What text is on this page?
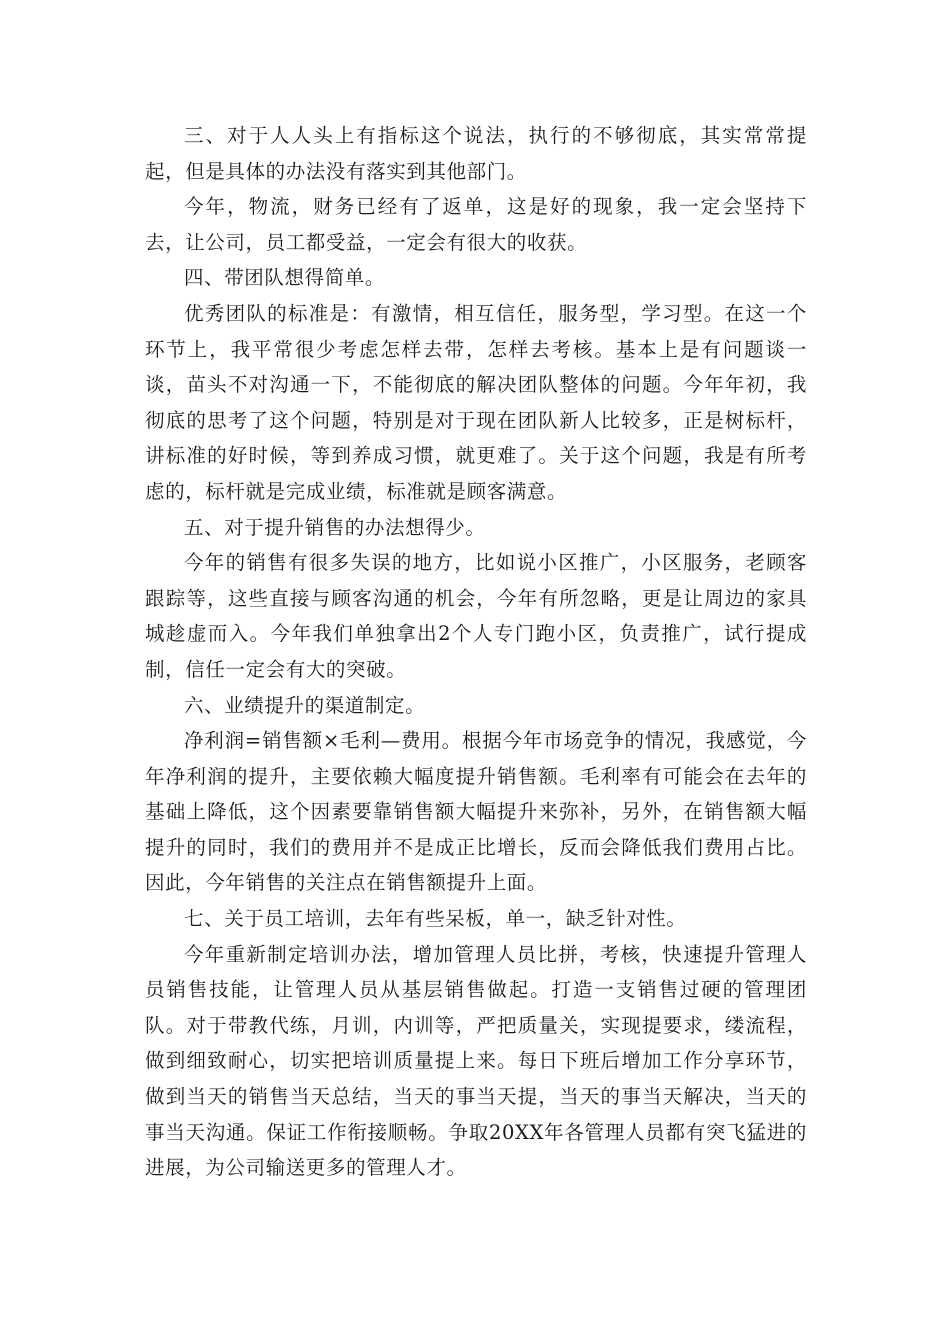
三、对于人人头上有指标这个说法，执行的不够彻底，其实常常提起，但是具体的办法没有落实到其他部门。

今年，物流，财务已经有了返单，这是好的现象，我一定会坚持下去，让公司，员工都受益，一定会有很大的收获。

四、带团队想得简单。

优秀团队的标准是：有激情，相互信任，服务型，学习型。在这一个环节上，我平常很少考虑怎样去带，怎样去考核。基本上是有问题谈一谈，苗头不对沟通一下，不能彻底的解决团队整体的问题。今年年初，我彻底的思考了这个问题，特别是对于现在团队新人比较多，正是树标杆，讲标准的好时候，等到养成习惯，就更难了。关于这个问题，我是有所考虑的，标杆就是完成业绩，标准就是顾客满意。

五、对于提升销售的办法想得少。

今年的销售有很多失误的地方，比如说小区推广，小区服务，老顾客跟踪等，这些直接与顾客沟通的机会，今年有所忽略，更是让周边的家具城趁虚而入。今年我们单独拿出2个人专门跑小区，负责推广，试行提成制，信任一定会有大的突破。

六、业绩提升的渠道制定。

净利润=销售额×毛利—费用。根据今年市场竞争的情况，我感觉，今年净利润的提升，主要依赖大幅度提升销售额。毛利率有可能会在去年的基础上降低，这个因素要靠销售额大幅提升来弥补，另外，在销售额大幅提升的同时，我们的费用并不是成正比增长，反而会降低我们费用占比。因此，今年销售的关注点在销售额提升上面。

七、关于员工培训，去年有些呆板，单一，缺乏针对性。

今年重新制定培训办法，增加管理人员比拼，考核，快速提升管理人员销售技能，让管理人员从基层销售做起。打造一支销售过硬的管理团队。对于带教代练，月训，内训等，严把质量关，实现提要求，缕流程，做到细致耐心，切实把培训质量提上来。每日下班后增加工作分享环节，做到当天的销售当天总结，当天的事当天提，当天的事当天解决，当天的事当天沟通。保证工作衔接顺畅。争取20XX年各管理人员都有突飞猛进的进展，为公司输送更多的管理人才。
